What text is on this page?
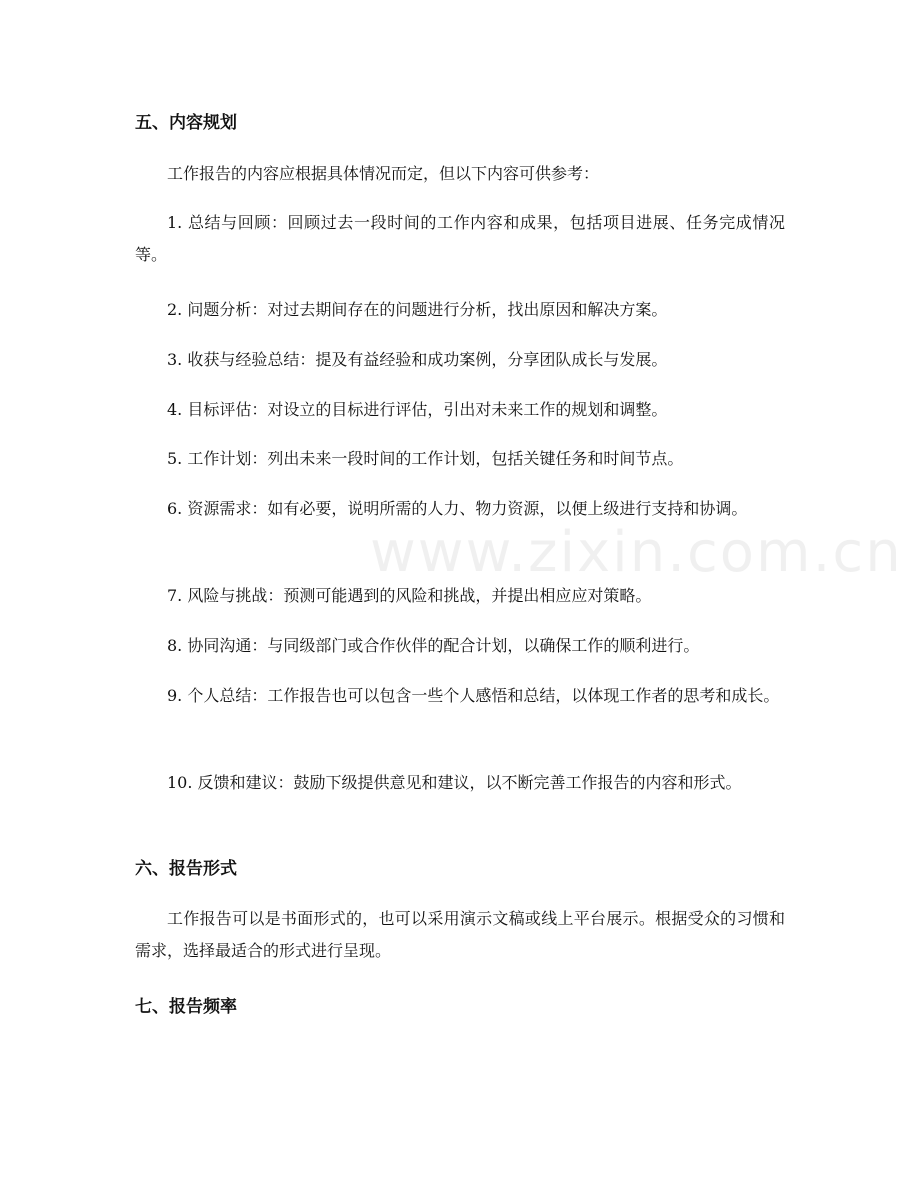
www.zixin.com.cn
五、内容规划
工作报告的内容应根据具体情况而定，但以下内容可供参考：
1. 总结与回顾：回顾过去一段时间的工作内容和成果，包括项目进展、任务完成情况等。
2. 问题分析：对过去期间存在的问题进行分析，找出原因和解决方案。
3. 收获与经验总结：提及有益经验和成功案例，分享团队成长与发展。
4. 目标评估：对设立的目标进行评估，引出对未来工作的规划和调整。
5. 工作计划：列出未来一段时间的工作计划，包括关键任务和时间节点。
6. 资源需求：如有必要，说明所需的人力、物力资源，以便上级进行支持和协调。
7. 风险与挑战：预测可能遇到的风险和挑战，并提出相应应对策略。
8. 协同沟通：与同级部门或合作伙伴的配合计划，以确保工作的顺利进行。
9. 个人总结：工作报告也可以包含一些个人感悟和总结，以体现工作者的思考和成长。
10. 反馈和建议：鼓励下级提供意见和建议，以不断完善工作报告的内容和形式。
六、报告形式
工作报告可以是书面形式的，也可以采用演示文稿或线上平台展示。根据受众的习惯和需求，选择最适合的形式进行呈现。
七、报告频率
